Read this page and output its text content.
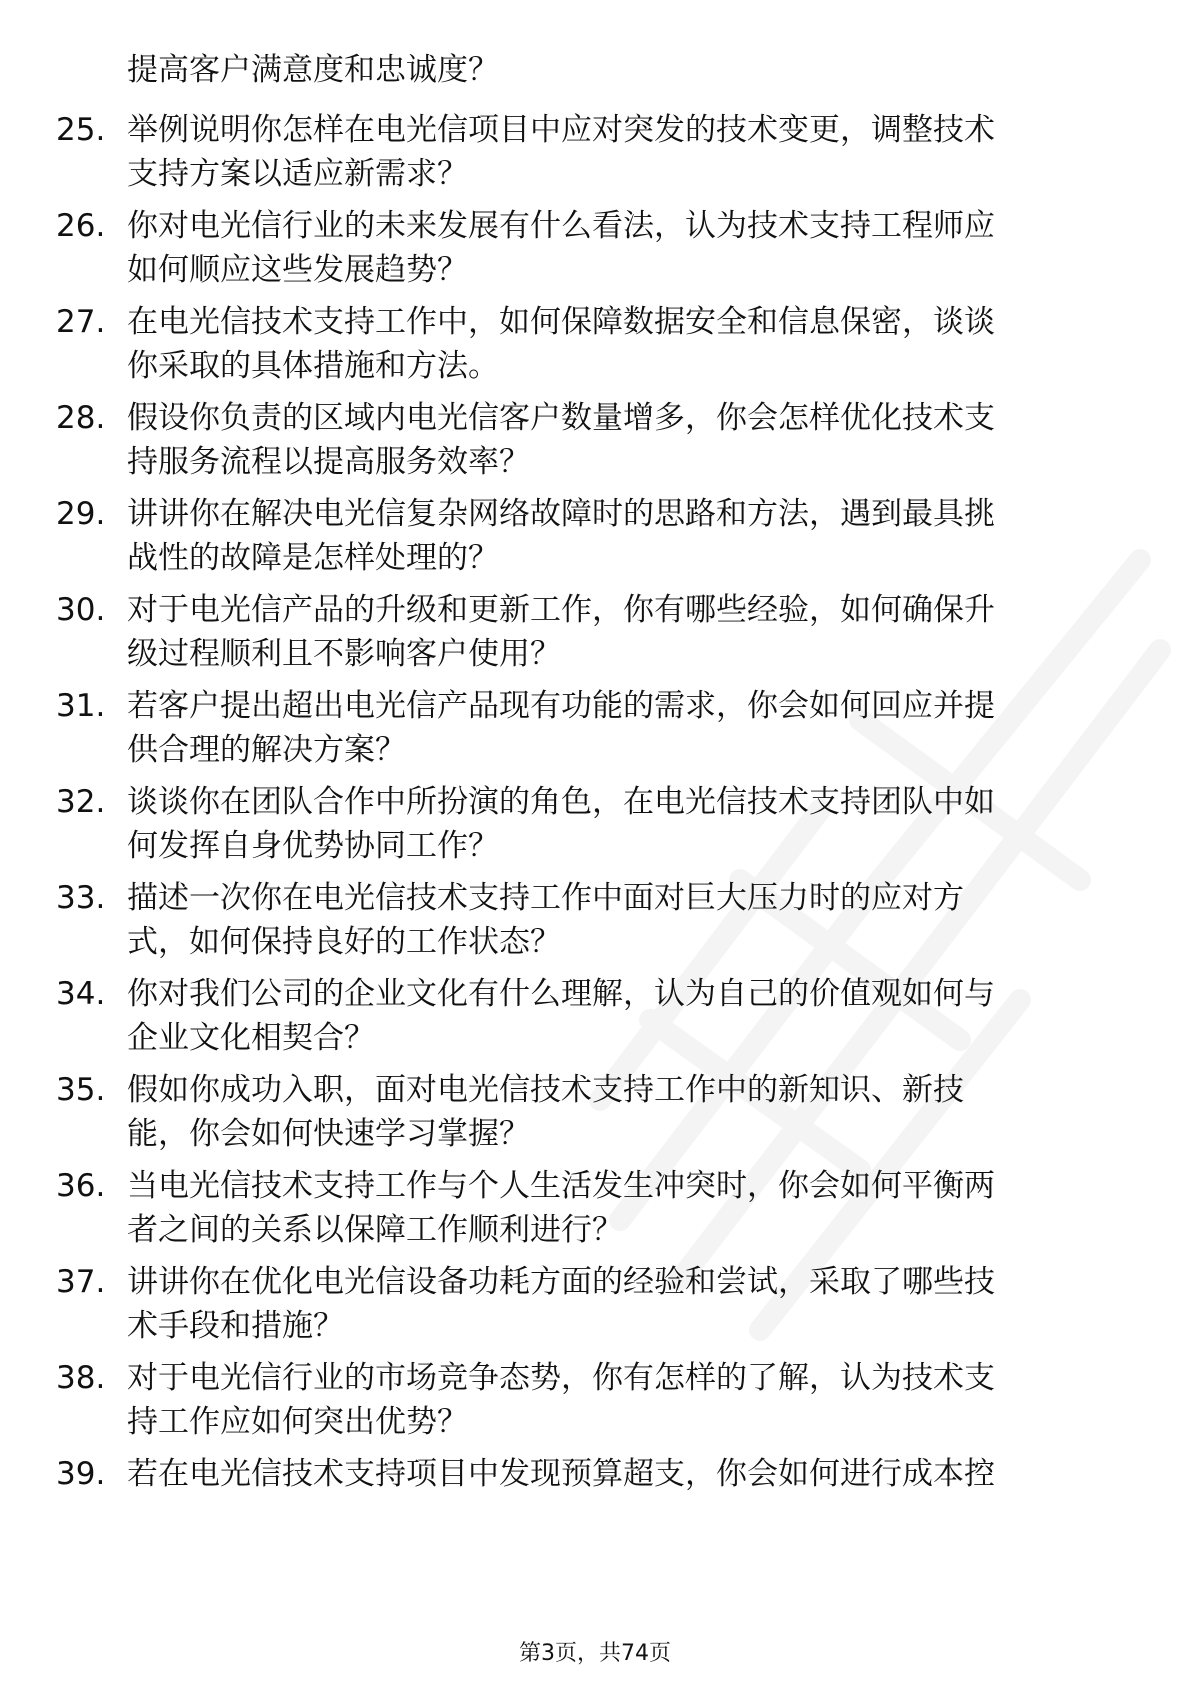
提高客户满意度和忠诚度？
25. 举例说明你怎样在电光信项目中应对突发的技术变更，调整技术
支持方案以适应新需求？
26. 你对电光信行业的未来发展有什么看法，认为技术支持工程师应
如何顺应这些发展趋势？
27. 在电光信技术支持工作中，如何保障数据安全和信息保密，谈谈
你采取的具体措施和方法。
28. 假设你负责的区域内电光信客户数量增多，你会怎样优化技术支
持服务流程以提高服务效率？
29. 讲讲你在解决电光信复杂网络故障时的思路和方法，遇到最具挑
战性的故障是怎样处理的？
30. 对于电光信产品的升级和更新工作，你有哪些经验，如何确保升
级过程顺利且不影响客户使用？
31. 若客户提出超出电光信产品现有功能的需求，你会如何回应并提
供合理的解决方案？
32. 谈谈你在团队合作中所扮演的角色，在电光信技术支持团队中如
何发挥自身优势协同工作？
33. 描述一次你在电光信技术支持工作中面对巨大压力时的应对方
式，如何保持良好的工作状态？
34. 你对我们公司的企业文化有什么理解，认为自己的价值观如何与
企业文化相契合？
35. 假如你成功入职，面对电光信技术支持工作中的新知识、新技
能，你会如何快速学习掌握？
36. 当电光信技术支持工作与个人生活发生冲突时，你会如何平衡两
者之间的关系以保障工作顺利进行？
37. 讲讲你在优化电光信设备功耗方面的经验和尝试，采取了哪些技
术手段和措施？
38. 对于电光信行业的市场竞争态势，你有怎样的了解，认为技术支
持工作应如何突出优势？
39. 若在电光信技术支持项目中发现预算超支，你会如何进行成本控
第3页，共74页
